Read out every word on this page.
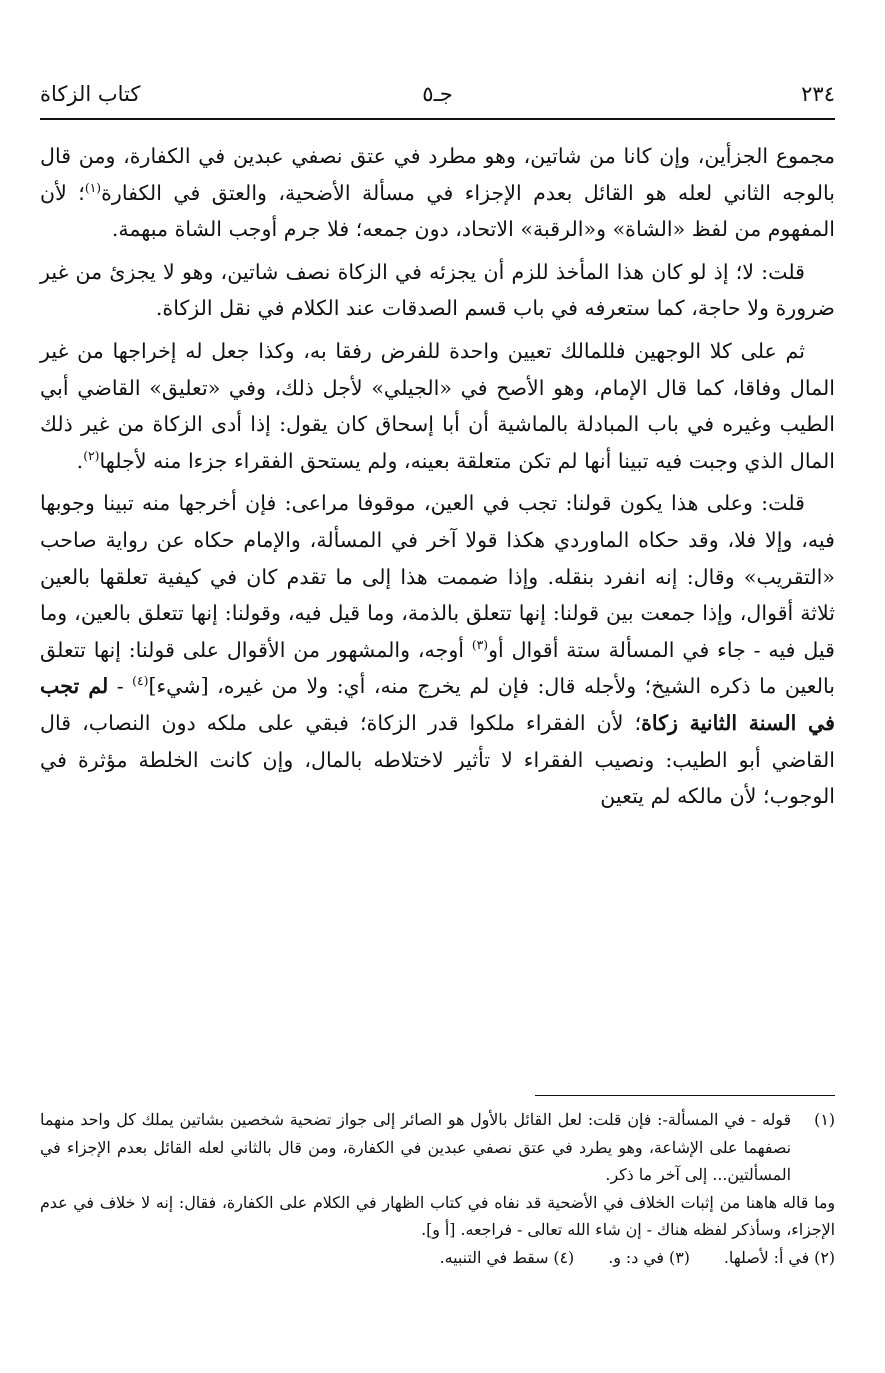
٢٣٤
جـ٥
كتاب الزكاة

مجموع الجزأين، وإن كانا من شاتين، وهو مطرد في عتق نصفي عبدين في الكفارة، ومن قال بالوجه الثاني لعله هو القائل بعدم الإجزاء في مسألة الأضحية، والعتق في الكفارة$^{(١)}$؛ لأن المفهوم من لفظ «الشاة» و«الرقبة» الاتحاد، دون جمعه؛ فلا جرم أوجب الشاة مبهمة.

قلت: لا؛ إذ لو كان هذا المأخذ للزم أن يجزئه في الزكاة نصف شاتين، وهو لا يجزئ من غير ضرورة ولا حاجة، كما ستعرفه في باب قسم الصدقات عند الكلام في نقل الزكاة.

ثم على كلا الوجهين فللمالك تعيين واحدة للفرض رفقا به، وكذا جعل له إخراجها من غير المال وفاقا، كما قال الإمام، وهو الأصح في «الجيلي» لأجل ذلك، وفي «تعليق» القاضي أبي الطيب وغيره في باب المبادلة بالماشية أن أبا إسحاق كان يقول: إذا أدى الزكاة من غير ذلك المال الذي وجبت فيه تبينا أنها لم تكن متعلقة بعينه، ولم يستحق الفقراء جزءا منه لأجلها$^{(٢)}$.

قلت: وعلى هذا يكون قولنا: تجب في العين، موقوفا مراعى: فإن أخرجها منه تبينا وجوبها فيه، وإلا فلا، وقد حكاه الماوردي هكذا قولا آخر في المسألة، والإمام حكاه عن رواية صاحب «التقريب» وقال: إنه انفرد بنقله. وإذا ضممت هذا إلى ما تقدم كان في كيفية تعلقها بالعين ثلاثة أقوال، وإذا جمعت بين قولنا: إنها تتعلق بالذمة، وما قيل فيه، وقولنا: إنها تتعلق بالعين، وما قيل فيه - جاء في المسألة ستة أقوال أو$^{(٣)}$ أوجه، والمشهور من الأقوال على قولنا: إنها تتعلق بالعين ما ذكره الشيخ؛ ولأجله قال: فإن لم يخرج منه، أي: ولا من غيره، [شيء]$^{(٤)}$ - لم تجب في السنة الثانية زكاة؛ لأن الفقراء ملكوا قدر الزكاة؛ فبقي على ملكه دون النصاب، قال القاضي أبو الطيب: ونصيب الفقراء لا تأثير لاختلاطه بالمال، وإن كانت الخلطة مؤثرة في الوجوب؛ لأن مالكه لم يتعين

(١)
قوله - في المسألة-: فإن قلت: لعل القائل بالأول هو الصائر إلى جواز تضحية شخصين بشاتين يملك كل واحد منهما نصفهما على الإشاعة، وهو يطرد في عتق نصفي عبدين في الكفارة، ومن قال بالثاني لعله القائل بعدم الإجزاء في المسألتين... إلى آخر ما ذكر.
وما قاله هاهنا من إثبات الخلاف في الأضحية قد نفاه في كتاب الظهار في الكلام على الكفارة، فقال: إنه لا خلاف في عدم الإجزاء، وسأذكر لفظه هناك - إن شاء الله تعالى - فراجعه. [أ و].
(٢) في أ: لأصلها.
(٣) في د: و.
(٤) سقط في التنبيه.
